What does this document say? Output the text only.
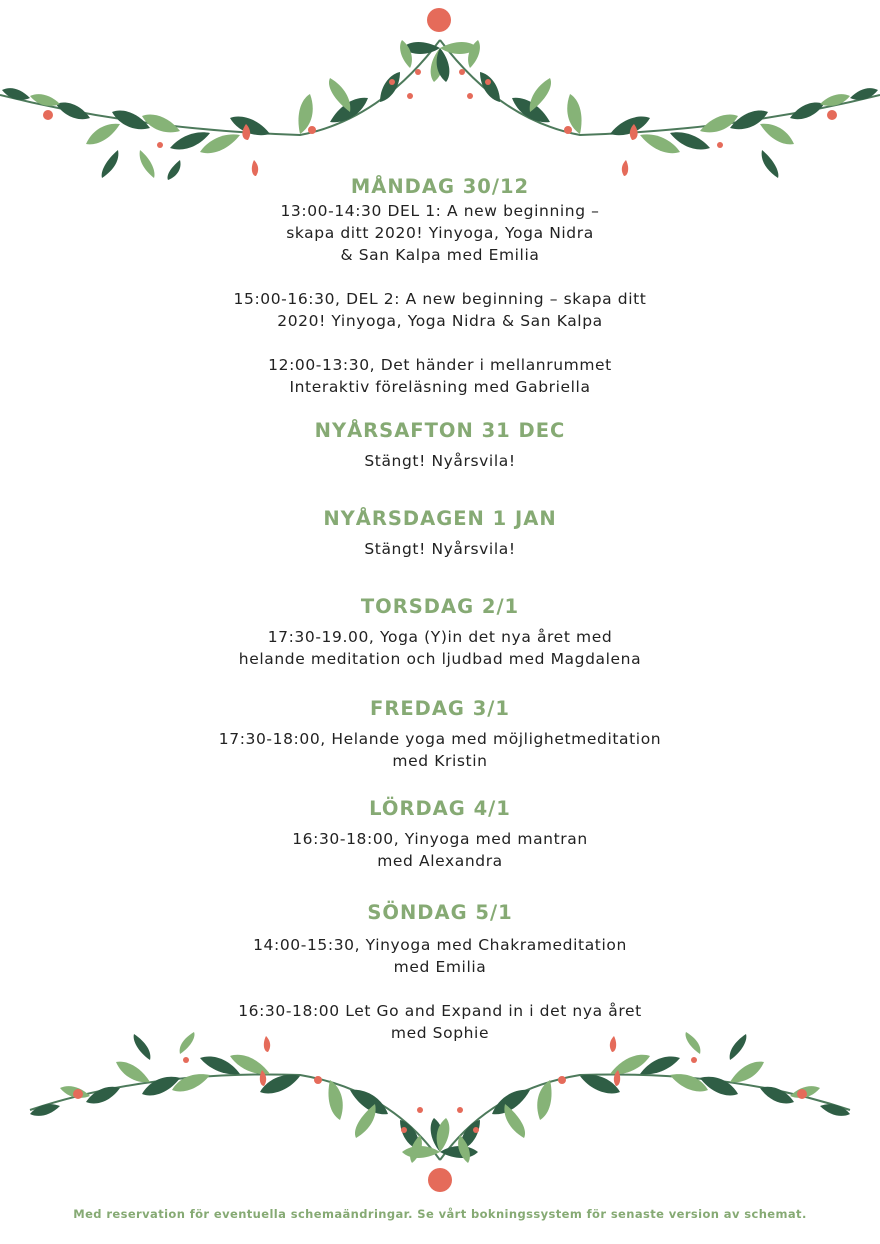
MÅNDAG 30/12

13:00-14:30 DEL 1: A new beginning –

skapa ditt 2020! Yinyoga, Yoga Nidra

& San Kalpa med Emilia

15:00-16:30, DEL 2: A new beginning – skapa ditt

2020! Yinyoga, Yoga Nidra & San Kalpa

12:00-13:30, Det händer i mellanrummet

Interaktiv föreläsning med Gabriella

NYÅRSAFTON 31 DEC

Stängt! Nyårsvila!

NYÅRSDAGEN 1 JAN

Stängt! Nyårsvila!

TORSDAG 2/1

17:30-19.00, Yoga (Y)in det nya året med

helande meditation och ljudbad med Magdalena

FREDAG 3/1

17:30-18:00, Helande yoga med möjlighetmeditation

med Kristin

LÖRDAG 4/1

16:30-18:00, Yinyoga med mantran

med Alexandra

SÖNDAG 5/1

14:00-15:30, Yinyoga med Chakrameditation

med Emilia

16:30-18:00 Let Go and Expand in i det nya året

med Sophie

Med reservation för eventuella schemaändringar. Se vårt bokningssystem för senaste version av schemat.
